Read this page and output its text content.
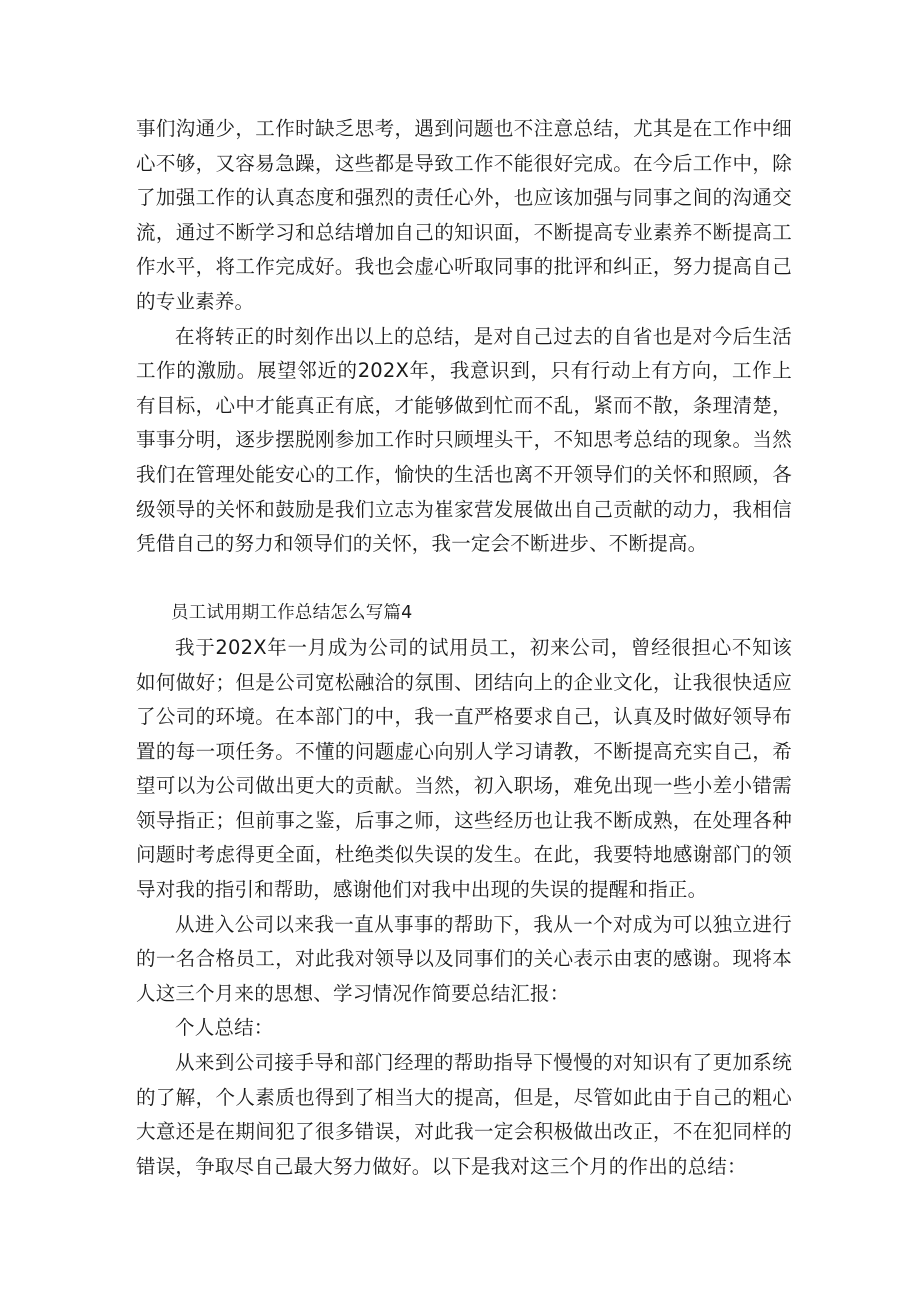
事们沟通少，工作时缺乏思考，遇到问题也不注意总结，尤其是在工作中细心不够，又容易急躁，这些都是导致工作不能很好完成。在今后工作中，除了加强工作的认真态度和强烈的责任心外，也应该加强与同事之间的沟通交流，通过不断学习和总结增加自己的知识面，不断提高专业素养不断提高工作水平，将工作完成好。我也会虚心听取同事的批评和纠正，努力提高自己的专业素养。

在将转正的时刻作出以上的总结，是对自己过去的自省也是对今后生活工作的激励。展望邻近的202X年，我意识到，只有行动上有方向，工作上有目标，心中才能真正有底，才能够做到忙而不乱，紧而不散，条理清楚，事事分明，逐步摆脱刚参加工作时只顾埋头干，不知思考总结的现象。当然我们在管理处能安心的工作，愉快的生活也离不开领导们的关怀和照顾，各级领导的关怀和鼓励是我们立志为崔家营发展做出自己贡献的动力，我相信凭借自己的努力和领导们的关怀，我一定会不断进步、不断提高。

员工试用期工作总结怎么写篇4

我于202X年一月成为公司的试用员工，初来公司，曾经很担心不知该如何做好；但是公司宽松融洽的氛围、团结向上的企业文化，让我很快适应了公司的环境。在本部门的中，我一直严格要求自己，认真及时做好领导布置的每一项任务。不懂的问题虚心向别人学习请教，不断提高充实自己，希望可以为公司做出更大的贡献。当然，初入职场，难免出现一些小差小错需领导指正；但前事之鉴，后事之师，这些经历也让我不断成熟，在处理各种问题时考虑得更全面，杜绝类似失误的发生。在此，我要特地感谢部门的领导对我的指引和帮助，感谢他们对我中出现的失误的提醒和指正。

从进入公司以来我一直从事事的帮助下，我从一个对成为可以独立进行的一名合格员工，对此我对领导以及同事们的关心表示由衷的感谢。现将本人这三个月来的思想、学习情况作简要总结汇报：

个人总结：

从来到公司接手导和部门经理的帮助指导下慢慢的对知识有了更加系统的了解，个人素质也得到了相当大的提高，但是，尽管如此由于自己的粗心大意还是在期间犯了很多错误，对此我一定会积极做出改正，不在犯同样的错误，争取尽自己最大努力做好。以下是我对这三个月的作出的总结：
